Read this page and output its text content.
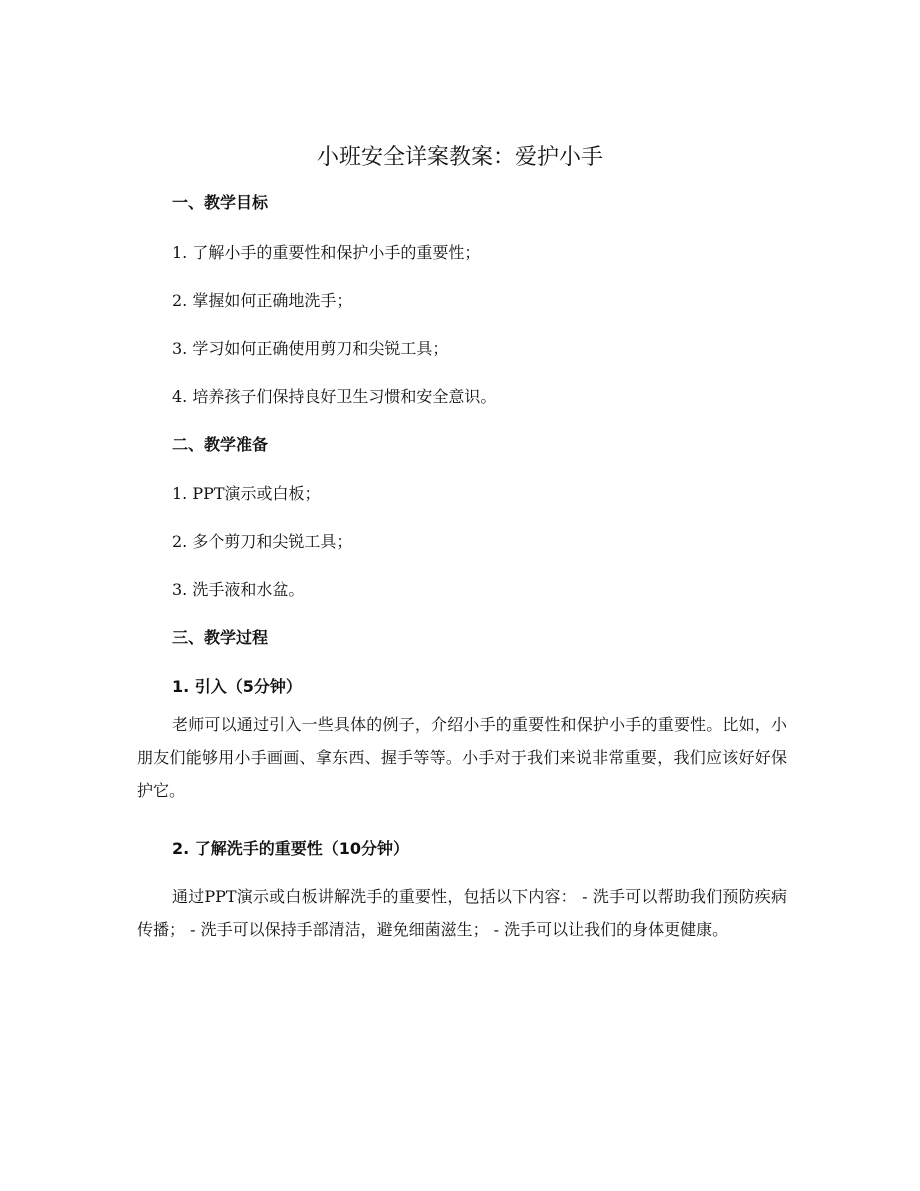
小班安全详案教案：爱护小手
一、教学目标
1. 了解小手的重要性和保护小手的重要性；
2. 掌握如何正确地洗手；
3. 学习如何正确使用剪刀和尖锐工具；
4. 培养孩子们保持良好卫生习惯和安全意识。
二、教学准备
1. PPT演示或白板；
2. 多个剪刀和尖锐工具；
3. 洗手液和水盆。
三、教学过程
1. 引入（5分钟）
老师可以通过引入一些具体的例子，介绍小手的重要性和保护小手的重要性。比如，小朋友们能够用小手画画、拿东西、握手等等。小手对于我们来说非常重要，我们应该好好保护它。
2. 了解洗手的重要性（10分钟）
通过PPT演示或白板讲解洗手的重要性，包括以下内容： - 洗手可以帮助我们预防疾病传播； - 洗手可以保持手部清洁，避免细菌滋生； - 洗手可以让我们的身体更健康。
